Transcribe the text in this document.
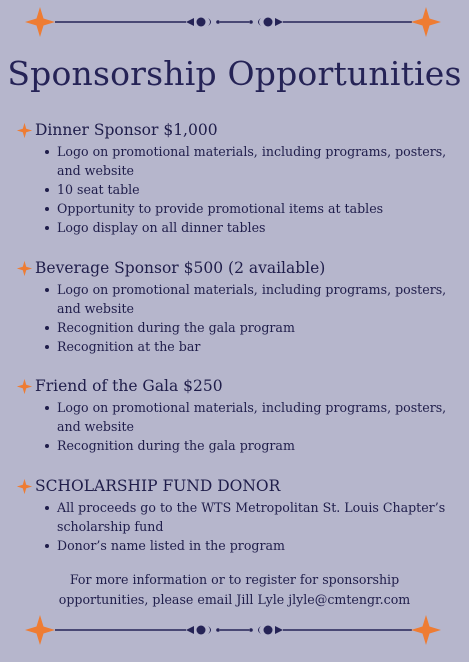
Sponsorship Opportunities
Dinner Sponsor $1,000
Logo on promotional materials, including programs, posters, and website
10 seat table
Opportunity to provide promotional items at tables
Logo display on all dinner tables
Beverage Sponsor $500 (2 available)
Logo on promotional materials, including programs, posters, and website
Recognition during the gala program
Recognition at the bar
Friend of the Gala $250
Logo on promotional materials, including programs, posters, and website
Recognition during the gala program
SCHOLARSHIP FUND DONOR
All proceeds go to the WTS Metropolitan St. Louis Chapter’s scholarship fund
Donor’s name listed in the program
For more information or to register for sponsorship
opportunities, please email Jill Lyle jlyle@cmtengr.com
